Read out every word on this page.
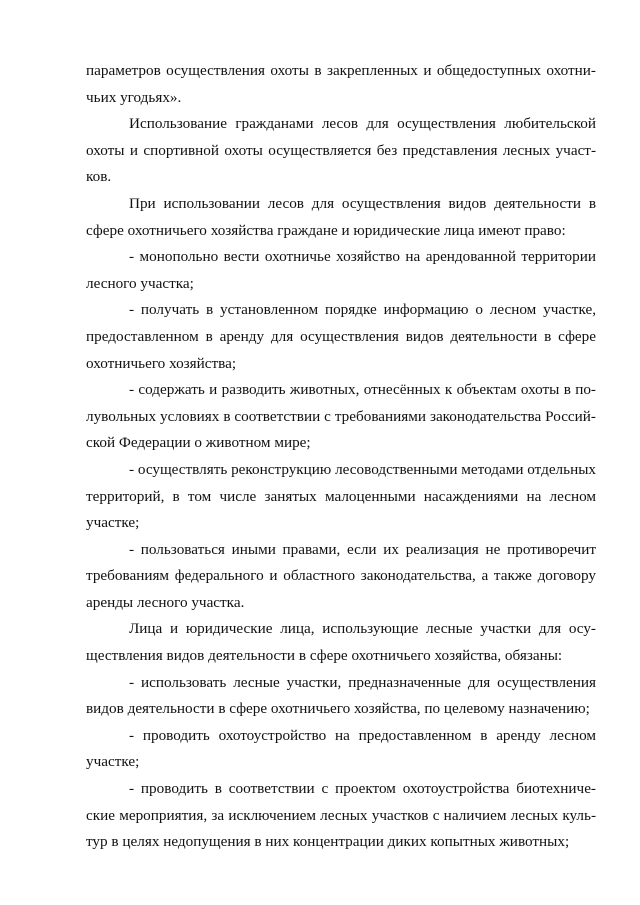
параметров осуществления охоты в закрепленных и общедоступных охотни-чьих угодьях».

Использование гражданами лесов для осуществления любительской охоты и спортивной охоты осуществляется без представления лесных участ-ков.

При использовании лесов для осуществления видов деятельности в сфере охотничьего хозяйства граждане и юридические лица имеют право:

- монопольно вести охотничье хозяйство на арендованной территории лесного участка;

- получать в установленном порядке информацию о лесном участке, предоставленном в аренду для осуществления видов деятельности в сфере охотничьего хозяйства;

- содержать и разводить животных, отнесённых к объектам охоты в по-лувольных условиях в соответствии с требованиями законодательства Россий-ской Федерации о животном мире;

- осуществлять реконструкцию лесоводственными методами отдельных территорий, в том числе занятых малоценными насаждениями на лесном участке;

- пользоваться иными правами, если их реализация не противоречит требованиям федерального и областного законодательства, а также договору аренды лесного участка.

Лица и юридические лица, использующие лесные участки для осу-ществления видов деятельности в сфере охотничьего хозяйства, обязаны:

- использовать лесные участки, предназначенные для осуществления видов деятельности в сфере охотничьего хозяйства, по целевому назначению;

- проводить охотоустройство на предоставленном в аренду лесном участке;

- проводить в соответствии с проектом охотоустройства биотехниче-ские мероприятия, за исключением лесных участков с наличием лесных куль-тур в целях недопущения в них концентрации диких копытных животных;
